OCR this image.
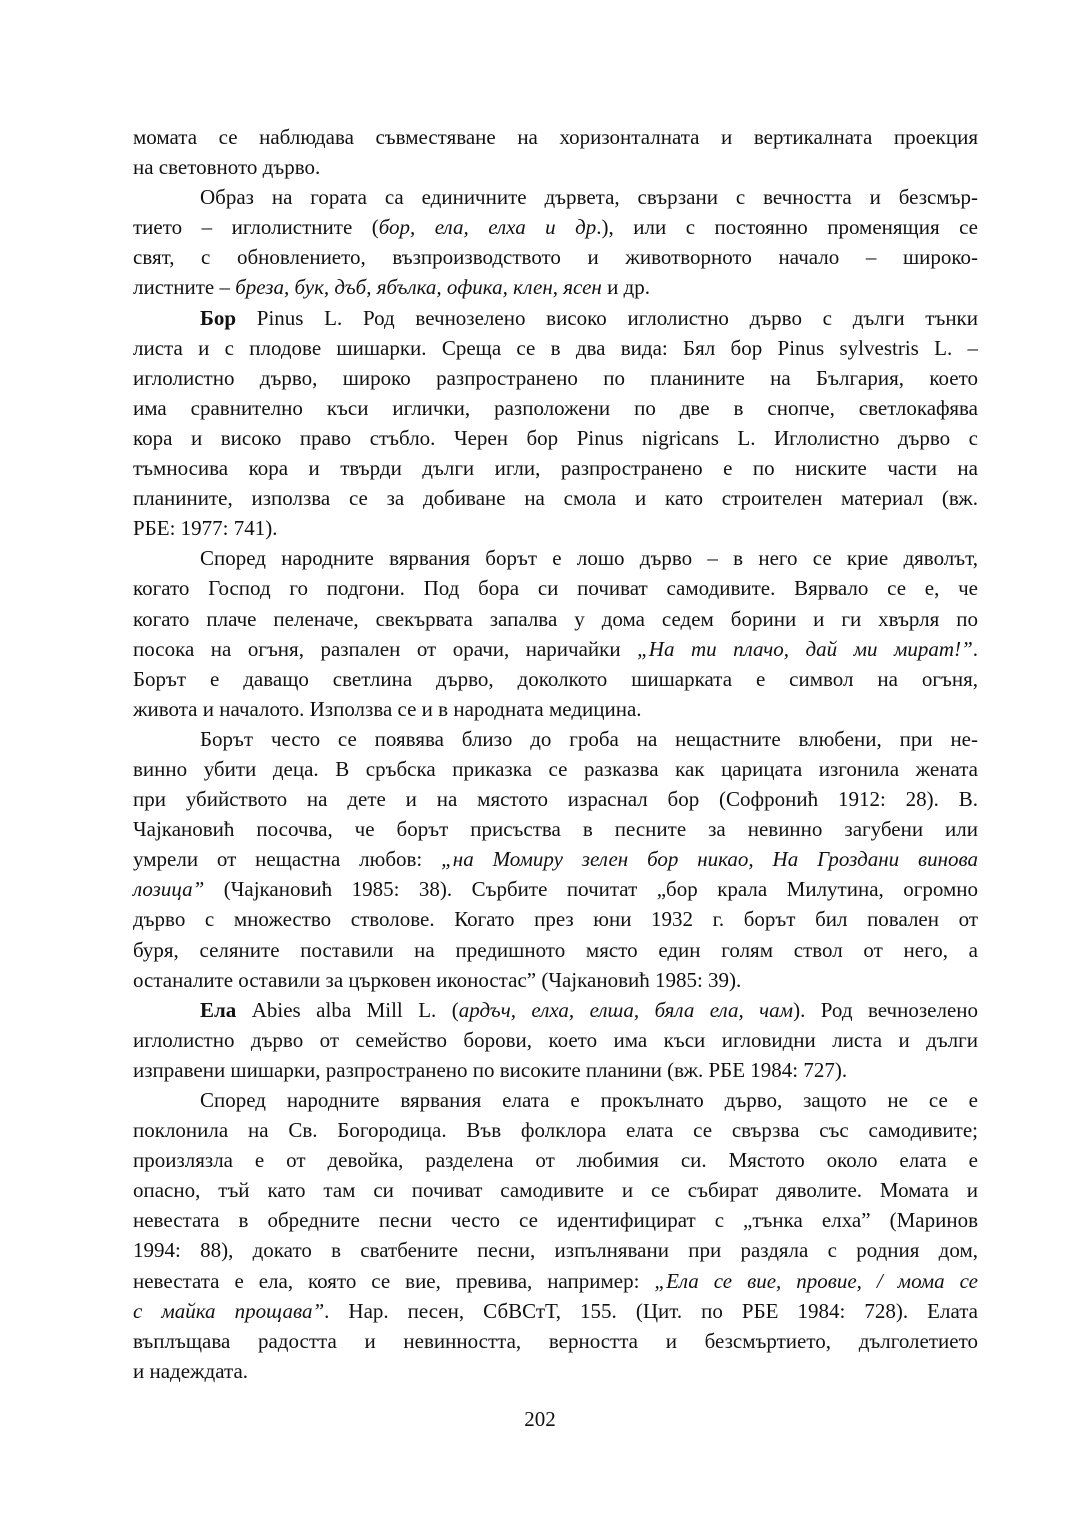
момата се наблюдава съвместяване на хоризонталната и вертикалната проекция
на световното дърво.
Образ на гората са единичните дървета, свързани с вечността и безсмър-
тието – иглолистните (бор, ела, елха и др.), или с постоянно променящия се
свят, с обновлението, възпроизводството и животворното начало – широко-
листните – бреза, бук, дъб, ябълка, офика, клен, ясен и др.
Бор Pinus L. Род вечнозелено високо иглолистно дърво с дълги тънки
листа и с плодове шишарки. Среща се в два вида: Бял бор Pinus sylvestris L. –
иглолистно дърво, широко разпространено по планините на България, което
има сравнително къси иглички, разположени по две в снопче, светлокафява
кора и високо право стъбло. Черен бор Pinus nigricans L. Иглолистно дърво с
тъмносива кора и твърди дълги игли, разпространено е по ниските части на
планините, използва се за добиване на смола и като строителен материал (вж.
РБЕ: 1977: 741).
Според народните вярвания борът е лошо дърво – в него се крие дяволът,
когато Господ го подгони. Под бора си почиват самодивите. Вярвало се е, че
когато плаче пеленаче, свекървата запалва у дома седем борини и ги хвърля по
посока на огъня, разпален от орачи, наричайки „На ти плачо, дай ми мират!”.
Борът е даващо светлина дърво, доколкото шишарката е символ на огъня,
живота и началото. Използва се и в народната медицина.
Борът често се появява близо до гроба на нещастните влюбени, при не-
винно убити деца. В сръбска приказка се разказва как царицата изгонила жената
при убийството на дете и на мястото израснал бор (Софронић 1912: 28). В.
Чајкановић посочва, че борът присъства в песните за невинно загубени или
умрели от нещастна любов: „на Момиру зелен бор никао, На Гроздани винова
лозица” (Чајкановић 1985: 38). Сърбите почитат „бор крала Милутина, огромно
дърво с множество стволове. Когато през юни 1932 г. борът бил повален от
буря, селяните поставили на предишното място един голям ствол от него, а
останалите оставили за църковен иконостас” (Чајкановић 1985: 39).
Ела Abies alba Mill L. (ардъч, елха, елша, бяла ела, чам). Род вечнозелено
иглолистно дърво от семейство борови, което има къси игловидни листа и дълги
изправени шишарки, разпространено по високите планини (вж. РБЕ 1984: 727).
Според народните вярвания елата е прокълнато дърво, защото не се е
поклонила на Св. Богородица. Във фолклора елата се свързва със самодивите;
произлязла е от девойка, разделена от любимия си. Мястото около елата е
опасно, тъй като там си почиват самодивите и се събират дяволите. Момата и
невестата в обредните песни често се идентифицират с „тънка елха” (Маринов
1994: 88), докато в сватбените песни, изпълнявани при раздяла с родния дом,
невестата е ела, която се вие, превива, например: „Ела се вие, провие, / мома се
с майка прощава”. Нар. песен, СбВСтТ, 155. (Цит. по РБЕ 1984: 728). Елата
въплъщава радостта и невинността, верността и безсмъртието, дълголетието
и надеждата.
202
